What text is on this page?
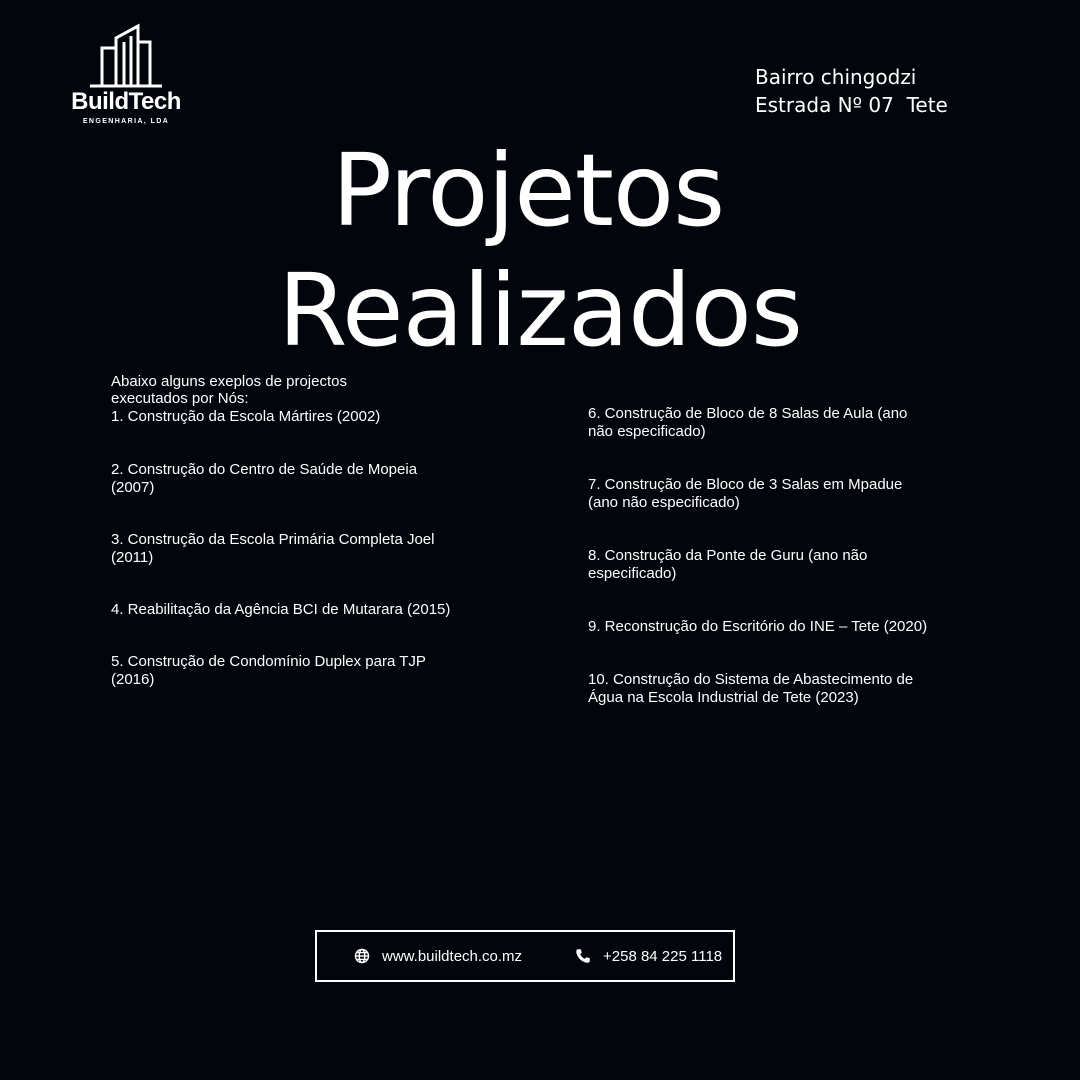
BuildTech
ENGENHARIA, LDA
Bairro chingodzi
Estrada Nº 07  Tete
Projetos
Realizados
Abaixo alguns exeplos de projectos
executados por Nós:
1. Construção da Escola Mártires (2002)
2. Construção do Centro de Saúde de Mopeia (2007)
3. Construção da Escola Primária Completa Joel (2011)
4. Reabilitação da Agência BCI de Mutarara (2015)
5. Construção de Condomínio Duplex para TJP (2016)
6. Construção de Bloco de 8 Salas de Aula (ano não especificado)
7. Construção de Bloco de 3 Salas em Mpadue (ano não especificado)
8. Construção da Ponte de Guru (ano não especificado)
9. Reconstrução do Escritório do INE – Tete (2020)
10. Construção do Sistema de Abastecimento de Água na Escola Industrial de Tete (2023)
www.buildtech.co.mz	+258 84 225 1118
